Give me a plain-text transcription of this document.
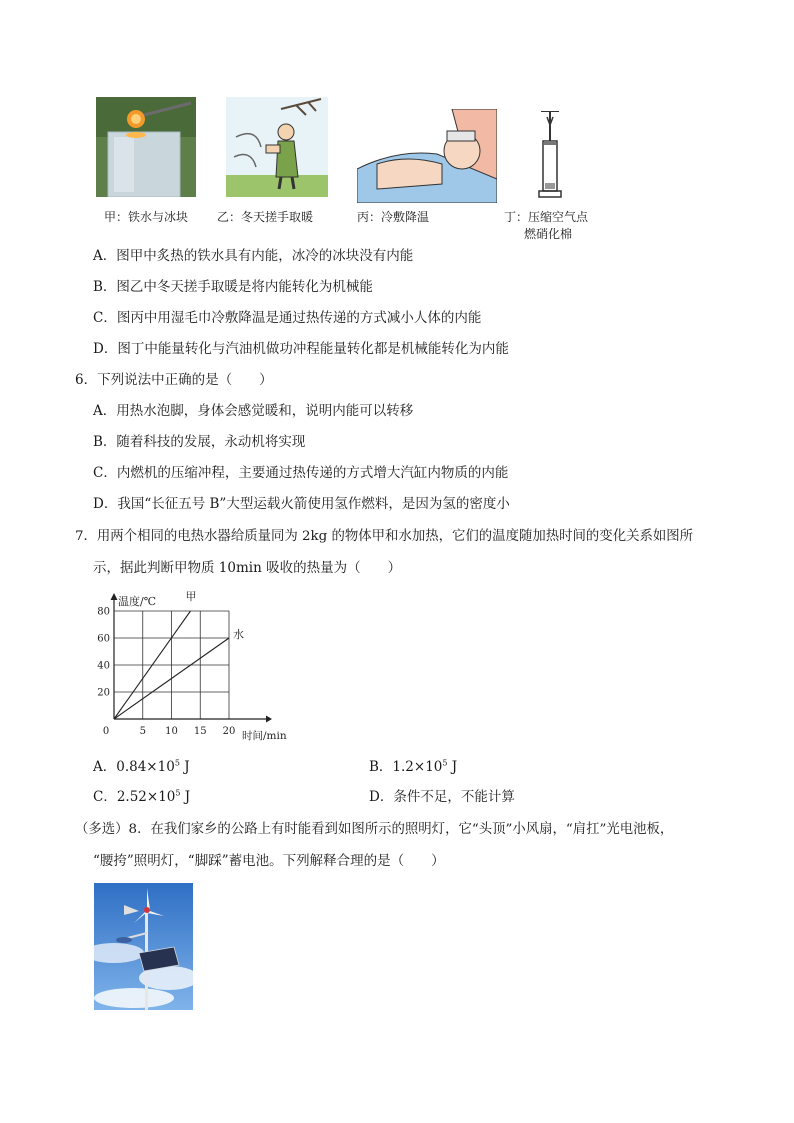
甲：铁水与冰块 乙：冬天搓手取暖	丙：冷敷降温	丁：压缩空气点
燃硝化棉
A．图甲中炙热的铁水具有内能，冰冷的冰块没有内能
B．图乙中冬天搓手取暖是将内能转化为机械能
C．图丙中用湿毛巾冷敷降温是通过热传递的方式减小人体的内能
D．图丁中能量转化与汽油机做功冲程能量转化都是机械能转化为内能
6．下列说法中正确的是（　　）
A．用热水泡脚，身体会感觉暖和，说明内能可以转移
B．随着科技的发展，永动机将实现
C．内燃机的压缩冲程，主要通过热传递的方式增大汽缸内物质的内能
D．我国“长征五号 B”大型运载火箭使用氢作燃料，是因为氢的密度小
7．用两个相同的电热水器给质量同为 2kg 的物体甲和水加热，它们的温度随加热时间的变化关系如图所
示，据此判断甲物质 10min 吸收的热量为（　　）
5 10 15 20
20
40
60
80
0
温度/℃
时间/min
甲
水
A．$0.84\times 10^5$ J	B．$1.2\times 10^5$ J
C．$2.52\times 10^5$ J	D．条件不足，不能计算
（多选）8．在我们家乡的公路上有时能看到如图所示的照明灯，它“头顶”小风扇，“肩扛”光电池板，
“腰挎”照明灯，“脚踩”蓄电池。下列解释合理的是（　　）
